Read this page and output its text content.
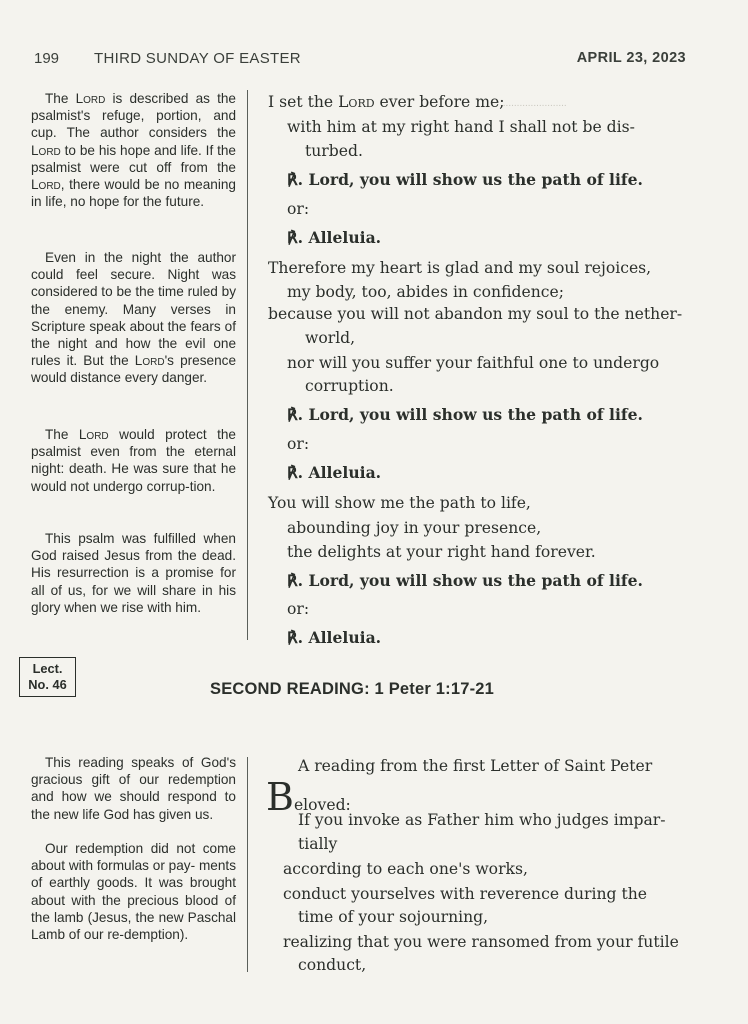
........................
199 THIRD SUNDAY OF EASTER	APRIL 23, 2023
The Lord is described as the psalmist's refuge, portion, and cup. The author considers the Lord to be his hope and life. If the psalmist were cut off from the Lord, there would be no meaning in life, no hope for the future.
Even in the night the author could feel secure. Night was considered to be the time ruled by the enemy. Many verses in Scripture speak about the fears of the night and how the evil one rules it. But the Lord's presence would distance every danger.
The Lord would protect the psalmist even from the eternal night: death. He was sure that he would not undergo corrup-tion.
This psalm was fulfilled when God raised Jesus from the dead. His resurrection is a promise for all of us, for we will share in his glory when we rise with him.
I set the Lord ever before me;
with him at my right hand I shall not be dis-
turbed.
℟. Lord, you will show us the path of life.
or:
℟. Alleluia.
Therefore my heart is glad and my soul rejoices,
my body, too, abides in confidence;
because you will not abandon my soul to the nether-
world,
nor will you suffer your faithful one to undergo
corruption.
℟. Lord, you will show us the path of life.
or:
℟. Alleluia.
You will show me the path to life,
abounding joy in your presence,
the delights at your right hand forever.
℟. Lord, you will show us the path of life.
or:
℟. Alleluia.
Lect.
No. 46	SECOND READING: 1 Peter 1:17-21
This reading speaks of God's gracious gift of our redemption and how we should respond to the new life God has given us.
Our redemption did not come about with formulas or pay- ments of earthly goods. It was brought about with the precious blood of the lamb (Jesus, the new Paschal Lamb of our re-demption).
A reading from the first Letter of Saint Peter
Beloved:
If you invoke as Father him who judges impar-
tially
according to each one's works,
conduct yourselves with reverence during the
time of your sojourning,
realizing that you were ransomed from your futile
conduct,
